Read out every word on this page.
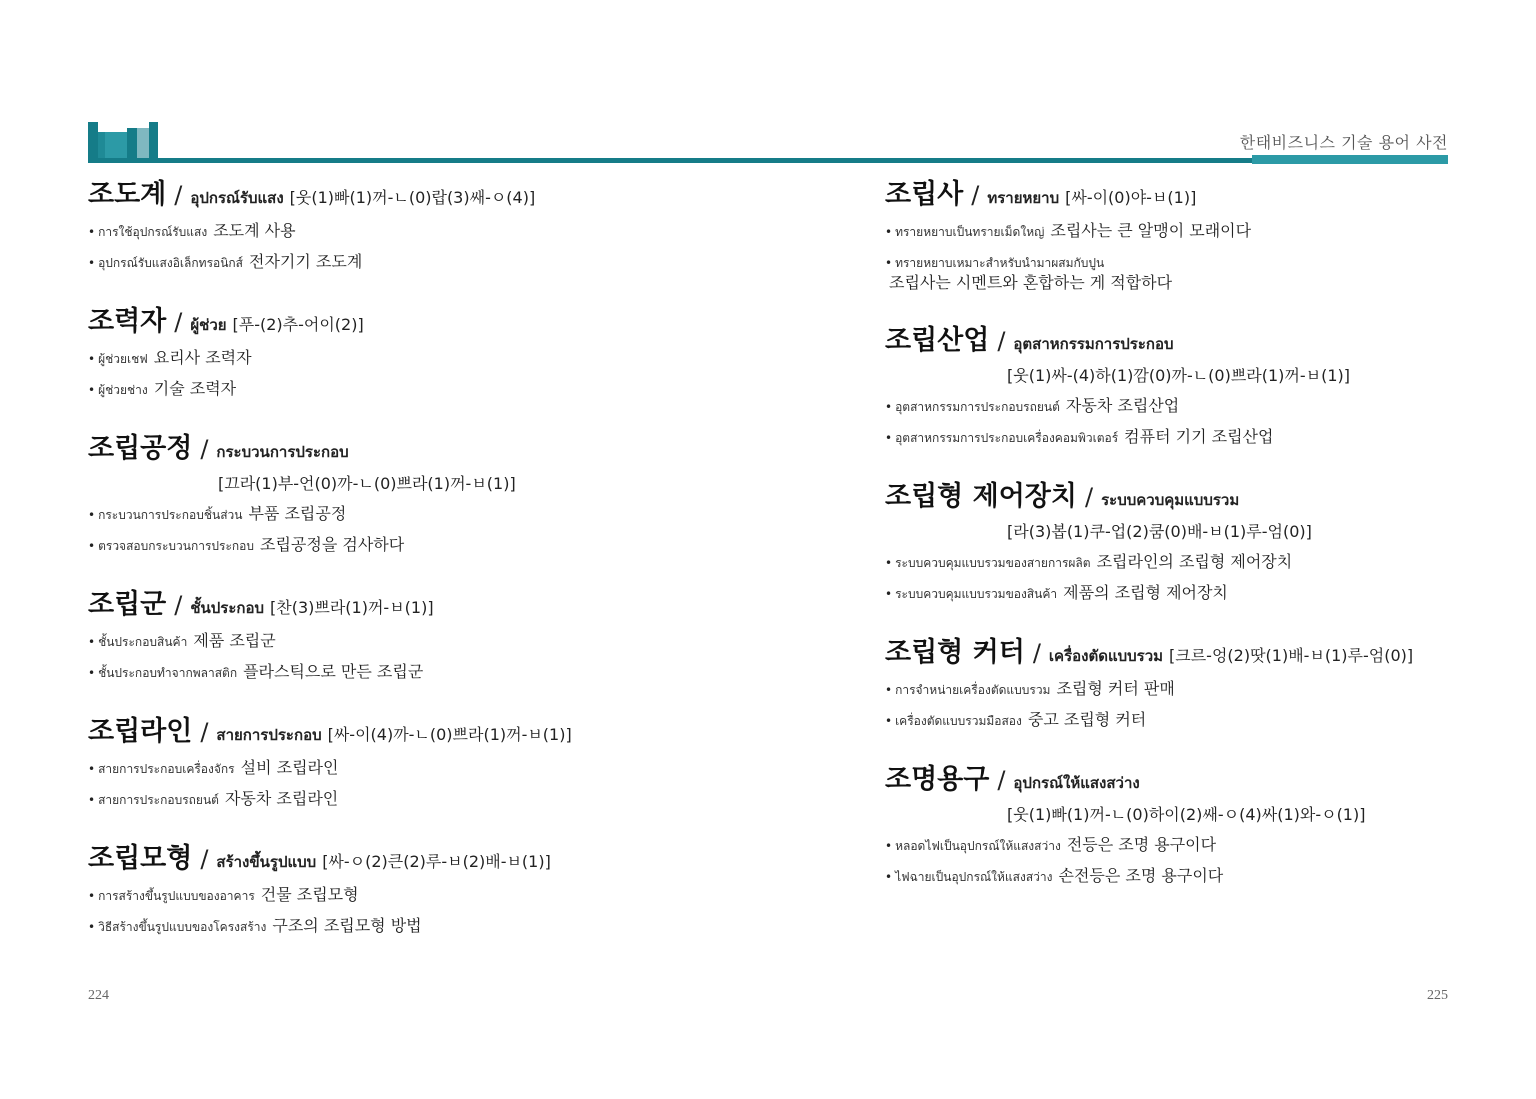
한태비즈니스 기술 용어 사전
조도계 / อุปกรณ์รับแสง [웃(1)빠(1)꺼-ㄴ(0)랍(3)쌔-ㅇ(4)]
• การใช้อุปกรณ์รับแสง 조도계 사용
• อุปกรณ์รับแสงอิเล็กทรอนิกส์ 전자기기 조도계
조력자 / ผู้ช่วย [푸-(2)추-어이(2)]
• ผู้ช่วยเชฟ 요리사 조력자
• ผู้ช่วยช่าง 기술 조력자
조립공정 / กระบวนการประกอบ
[끄라(1)부-언(0)까-ㄴ(0)쁘라(1)꺼-ㅂ(1)]
• กระบวนการประกอบชิ้นส่วน 부품 조립공정
• ตรวจสอบกระบวนการประกอบ 조립공정을 검사하다
조립군 / ชั้นประกอบ [찬(3)쁘라(1)꺼-ㅂ(1)]
• ชั้นประกอบสินค้า 제품 조립군
• ชั้นประกอบทำจากพลาสติก 플라스틱으로 만든 조립군
조립라인 / สายการประกอบ [싸-이(4)까-ㄴ(0)쁘라(1)꺼-ㅂ(1)]
• สายการประกอบเครื่องจักร 설비 조립라인
• สายการประกอบรถยนต์ 자동차 조립라인
조립모형 / สร้างขึ้นรูปแบบ [싸-ㅇ(2)큰(2)루-ㅂ(2)배-ㅂ(1)]
• การสร้างขึ้นรูปแบบของอาคาร 건물 조립모형
• วิธีสร้างขึ้นรูปแบบของโครงสร้าง 구조의 조립모형 방법
조립사 / ทรายหยาบ [싸-이(0)야-ㅂ(1)]
• ทรายหยาบเป็นทรายเม็ดใหญ่ 조립사는 큰 알맹이 모래이다
• ทรายหยาบเหมาะสำหรับนำมาผสมกับปูน
조립사는 시멘트와 혼합하는 게 적합하다
조립산업 / อุตสาหกรรมการประกอบ
[웃(1)싸-(4)하(1)깜(0)까-ㄴ(0)쁘라(1)꺼-ㅂ(1)]
• อุตสาหกรรมการประกอบรถยนต์ 자동차 조립산업
• อุตสาหกรรมการประกอบเครื่องคอมพิวเตอร์ 컴퓨터 기기 조립산업
조립형 제어장치 / ระบบควบคุมแบบรวม
[라(3)봅(1)쿠-업(2)쿰(0)배-ㅂ(1)루-엄(0)]
• ระบบควบคุมแบบรวมของสายการผลิต 조립라인의 조립형 제어장치
• ระบบควบคุมแบบรวมของสินค้า 제품의 조립형 제어장치
조립형 커터 / เครื่องตัดแบบรวม [크르-엉(2)땃(1)배-ㅂ(1)루-엄(0)]
• การจำหน่ายเครื่องตัดแบบรวม 조립형 커터 판매
• เครื่องตัดแบบรวมมือสอง 중고 조립형 커터
조명용구 / อุปกรณ์ให้แสงสว่าง
[웃(1)빠(1)꺼-ㄴ(0)하이(2)쌔-ㅇ(4)싸(1)와-ㅇ(1)]
• หลอดไฟเป็นอุปกรณ์ให้แสงสว่าง 전등은 조명 용구이다
• ไฟฉายเป็นอุปกรณ์ให้แสงสว่าง 손전등은 조명 용구이다
224	225
